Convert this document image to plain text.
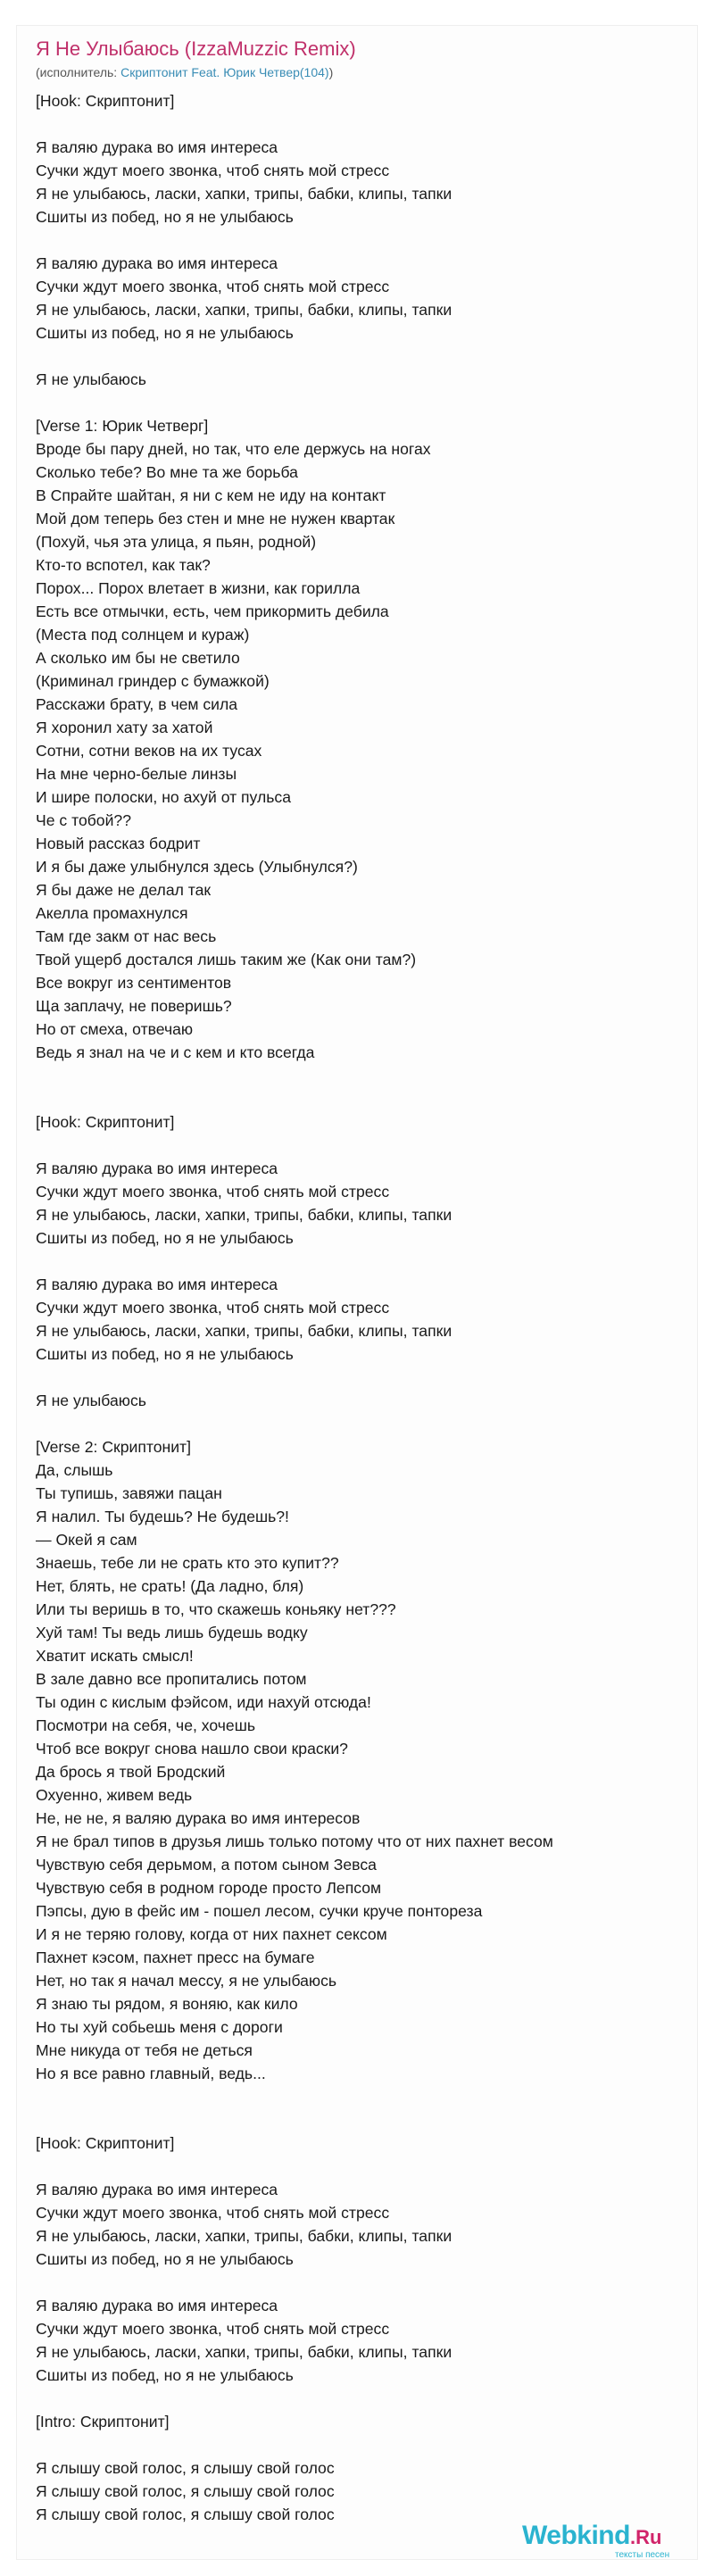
Я Не Улыбаюсь (IzzaMuzzic Remix)
(исполнитель: Скриптонит Feat. Юрик Четвер(104))
[Hook: Скриптонит]
Я валяю дурака во имя интереса
Сучки ждут моего звонка, чтоб снять мой стресс
Я не улыбаюсь, ласки, хапки, трипы, бабки, клипы, тапки
Сшиты из побед, но я не улыбаюсь
Я валяю дурака во имя интереса
Сучки ждут моего звонка, чтоб снять мой стресс
Я не улыбаюсь, ласки, хапки, трипы, бабки, клипы, тапки
Сшиты из побед, но я не улыбаюсь
Я не улыбаюсь
[Verse 1: Юрик Четверг]
Вроде бы пару дней, но так, что еле держусь на ногах
Сколько тебе? Во мне та же борьба
В Спрайте шайтан, я ни с кем не иду на контакт
Мой дом теперь без стен и мне не нужен квартак
(Похуй, чья эта улица, я пьян, родной)
Кто-то вспотел, как так?
Порох... Порох влетает в жизни, как горилла
Есть все отмычки, есть, чем прикормить дебила
(Места под солнцем и кураж)
А сколько им бы не светило
(Криминал гриндер с бумажкой)
Расскажи брату, в чем сила
Я хоронил хату за хатой
Сотни, сотни веков на их тусах
На мне черно-белые линзы
И шире полоски, но ахуй от пульса
Че с тобой??
Новый рассказ бодрит
И я бы даже улыбнулся здесь (Улыбнулся?)
Я бы даже не делал так
Акелла промахнулся
Там где закм от нас весь
Твой ущерб достался лишь таким же (Как они там?)
Все вокруг из сентиментов
Ща заплачу, не поверишь?
Но от смеха, отвечаю
Ведь я знал на че и с кем и кто всегда
[Hook: Скриптонит]
Я валяю дурака во имя интереса
Сучки ждут моего звонка, чтоб снять мой стресс
Я не улыбаюсь, ласки, хапки, трипы, бабки, клипы, тапки
Сшиты из побед, но я не улыбаюсь
Я валяю дурака во имя интереса
Сучки ждут моего звонка, чтоб снять мой стресс
Я не улыбаюсь, ласки, хапки, трипы, бабки, клипы, тапки
Сшиты из побед, но я не улыбаюсь
Я не улыбаюсь
[Verse 2: Скриптонит]
Да, слышь
Ты тупишь, завяжи пацан
Я налил. Ты будешь? Не будешь?!
— Окей я сам
Знаешь, тебе ли не срать кто это купит??
Нет, блять, не срать! (Да ладно, бля)
Или ты веришь в то, что скажешь коньяку нет???
Хуй там! Ты ведь лишь будешь водку
Хватит искать смысл!
В зале давно все пропитались потом
Ты один с кислым фэйсом, иди нахуй отсюда!
Посмотри на себя, че, хочешь
Чтоб все вокруг снова нашло свои краски?
Да брось я твой Бродский
Охуенно, живем ведь
Не, не не, я валяю дурака во имя интересов
Я не брал типов в друзья лишь только потому что от них пахнет весом
Чувствую себя дерьмом, а потом сыном Зевса
Чувствую себя в родном городе просто Лепсом
Пэпсы, дую в фейс им - пошел лесом, сучки круче понтореза
И я не теряю голову, когда от них пахнет сексом
Пахнет кэсом, пахнет пресс на бумаге
Нет, но так я начал мессу, я не улыбаюсь
Я знаю ты рядом, я воняю, как кило
Но ты хуй собьешь меня с дороги
Мне никуда от тебя не деться
Но я все равно главный, ведь...
[Hook: Скриптонит]
Я валяю дурака во имя интереса
Сучки ждут моего звонка, чтоб снять мой стресс
Я не улыбаюсь, ласки, хапки, трипы, бабки, клипы, тапки
Сшиты из побед, но я не улыбаюсь
Я валяю дурака во имя интереса
Сучки ждут моего звонка, чтоб снять мой стресс
Я не улыбаюсь, ласки, хапки, трипы, бабки, клипы, тапки
Сшиты из побед, но я не улыбаюсь
[Intro: Скриптонит]
Я слышу свой голос, я слышу свой голос
Я слышу свой голос, я слышу свой голос
Я слышу свой голос, я слышу свой голос
Webkind.Ru
тексты песен
